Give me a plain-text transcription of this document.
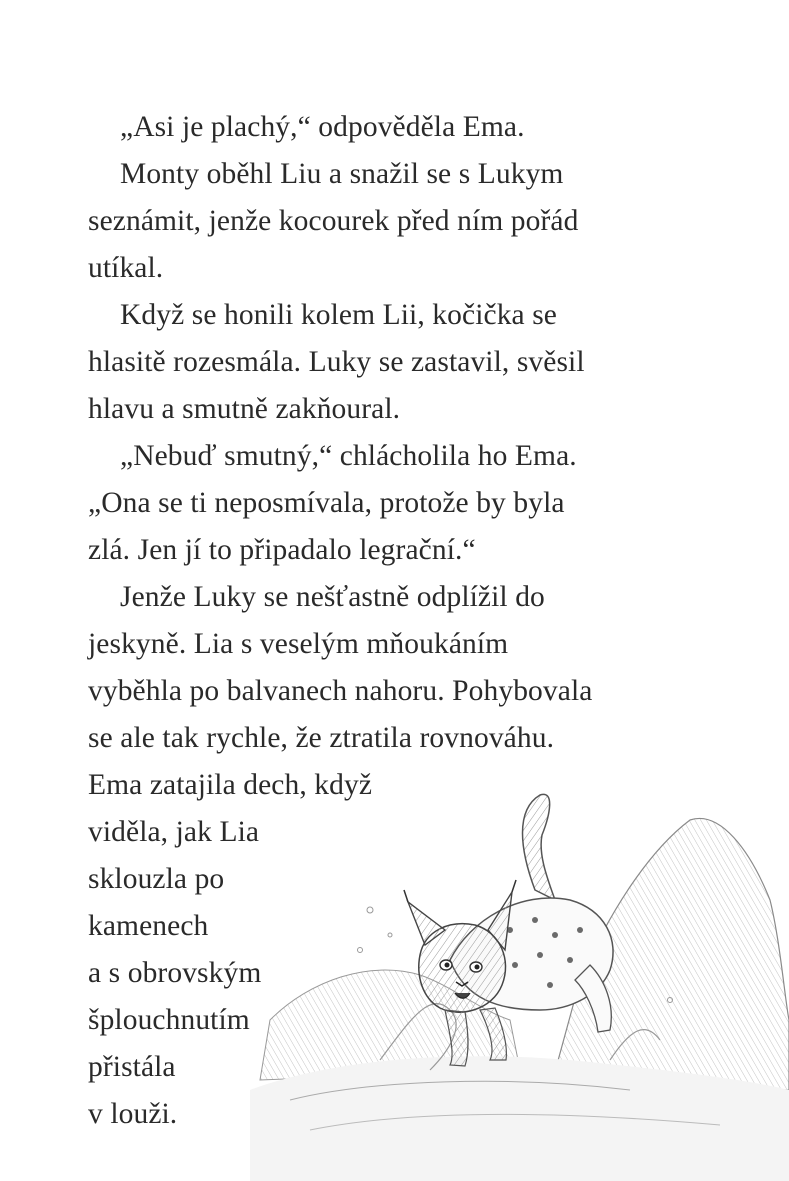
„Asi je plachý,“ odpověděla Ema.
Monty oběhl Liu a snažil se s Lukym
seznámit, jenže kocourek před ním pořád
utíkal.
Když se honili kolem Lii, kočička se
hlasitě rozesmála. Luky se zastavil, svěsil
hlavu a smutně zakňoural.
„Nebuď smutný,“ chlácholila ho Ema.
„Ona se ti neposmívala, protože by byla
zlá. Jen jí to připadalo legrační.“
Jenže Luky se nešťastně odplížil do
jeskyně. Lia s veselým mňoukáním
vyběhla po balvanech nahoru. Pohybovala
se ale tak rychle, že ztratila rovnováhu.
Ema zatajila dech, když
viděla, jak Lia
sklouzla po
kamenech
a s obrovským
šplouchnutím
přistála
v louži.
